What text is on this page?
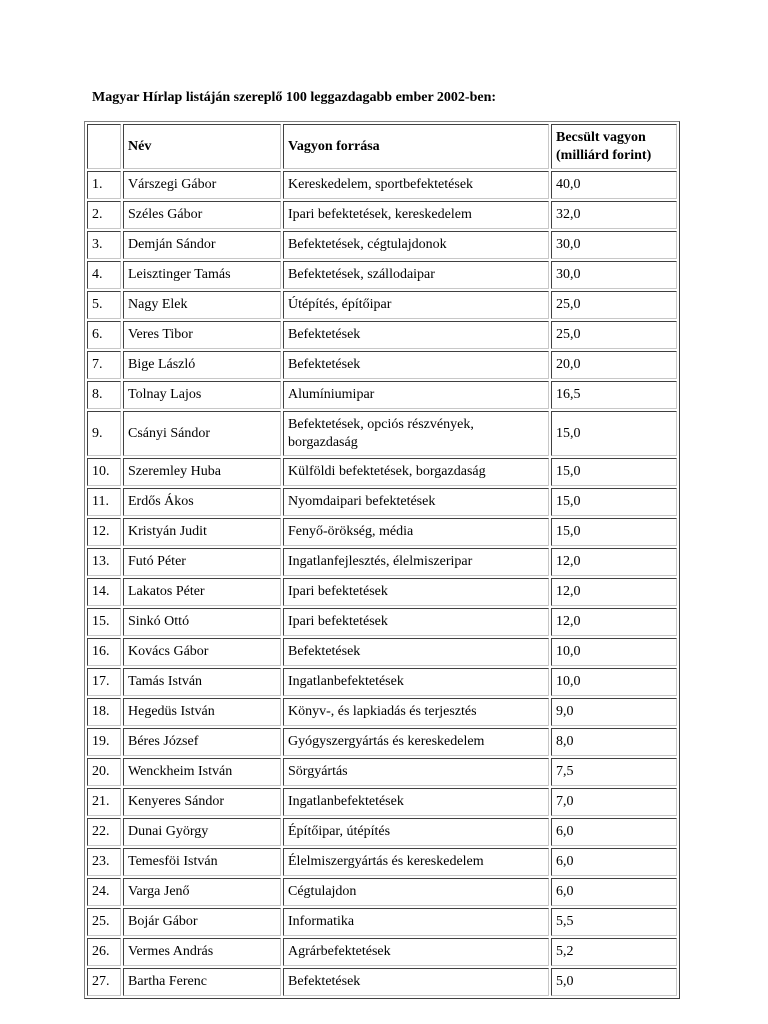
Magyar Hírlap listáján szereplő 100 leggazdagabb ember 2002-ben:
	Név	Vagyon forrása	Becsült vagyon
(milliárd forint)
1.	Várszegi Gábor	Kereskedelem, sportbefektetések	40,0
2.	Széles Gábor	Ipari befektetések, kereskedelem	32,0
3.	Demján Sándor	Befektetések, cégtulajdonok	30,0
4.	Leisztinger Tamás	Befektetések, szállodaipar	30,0
5.	Nagy Elek	Útépítés, építőipar	25,0
6.	Veres Tibor	Befektetések	25,0
7.	Bige László	Befektetések	20,0
8.	Tolnay Lajos	Alumíniumipar	16,5
9.	Csányi Sándor	Befektetések, opciós részvények, borgazdaság	15,0
10.	Szeremley Huba	Külföldi befektetések, borgazdaság	15,0
11.	Erdős Ákos	Nyomdaipari befektetések	15,0
12.	Kristyán Judit	Fenyő-örökség, média	15,0
13.	Futó Péter	Ingatlanfejlesztés, élelmiszeripar	12,0
14.	Lakatos Péter	Ipari befektetések	12,0
15.	Sinkó Ottó	Ipari befektetések	12,0
16.	Kovács Gábor	Befektetések	10,0
17.	Tamás István	Ingatlanbefektetések	10,0
18.	Hegedüs István	Könyv-, és lapkiadás és terjesztés	9,0
19.	Béres József	Gyógyszergyártás és kereskedelem	8,0
20.	Wenckheim István	Sörgyártás	7,5
21.	Kenyeres Sándor	Ingatlanbefektetések	7,0
22.	Dunai György	Építőipar, útépítés	6,0
23.	Temesföi István	Élelmiszergyártás és kereskedelem	6,0
24.	Varga Jenő	Cégtulajdon	6,0
25.	Bojár Gábor	Informatika	5,5
26.	Vermes András	Agrárbefektetések	5,2
27.	Bartha Ferenc	Befektetések	5,0
